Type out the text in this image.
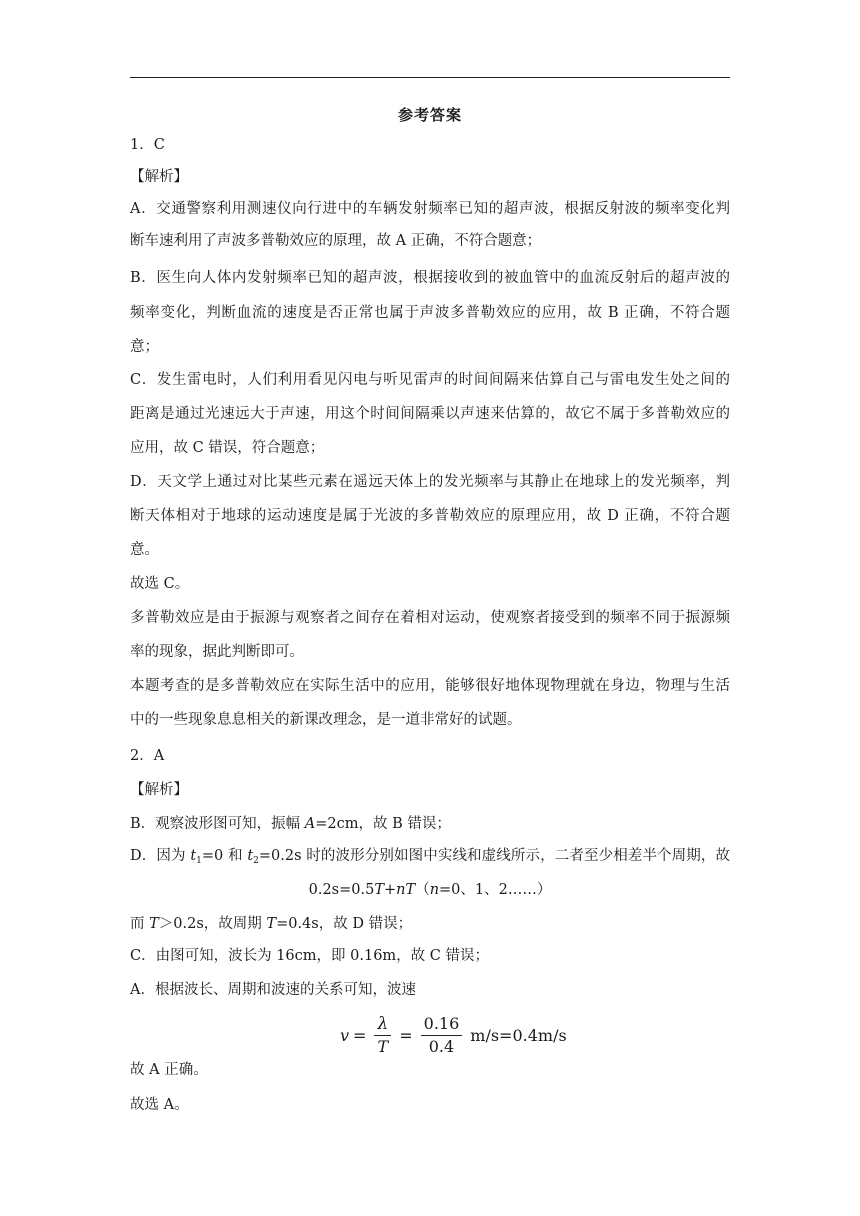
参考答案
1．C
【解析】
A．交通警察利用测速仪向行进中的车辆发射频率已知的超声波，根据反射波的频率变化判
断车速利用了声波多普勒效应的原理，故 A 正确，不符合题意；
B．医生向人体内发射频率已知的超声波，根据接收到的被血管中的血流反射后的超声波的
频率变化，判断血流的速度是否正常也属于声波多普勒效应的应用，故 B 正确，不符合题
意；
C．发生雷电时，人们利用看见闪电与听见雷声的时间间隔来估算自己与雷电发生处之间的
距离是通过光速远大于声速，用这个时间间隔乘以声速来估算的，故它不属于多普勒效应的
应用，故 C 错误，符合题意；
D．天文学上通过对比某些元素在遥远天体上的发光频率与其静止在地球上的发光频率，判
断天体相对于地球的运动速度是属于光波的多普勒效应的原理应用，故 D 正确，不符合题
意。
故选 C。
多普勒效应是由于振源与观察者之间存在着相对运动，使观察者接受到的频率不同于振源频
率的现象，据此判断即可。
本题考查的是多普勒效应在实际生活中的应用，能够很好地体现物理就在身边，物理与生活
中的一些现象息息相关的新课改理念，是一道非常好的试题。
2．A
【解析】
B．观察波形图可知，振幅 A=2cm，故 B 错误；
D．因为 $t_1=0$ 和 $t_2=0.2s$ 时的波形分别如图中实线和虚线所示，二者至少相差半个周期，故
0.2s=0.5T+nT（n=0、1、2……）
而 T＞0.2s，故周期 T=0.4s，故 D 错误；
C．由图可知，波长为 16cm，即 0.16m，故 C 错误；
A．根据波长、周期和波速的关系可知，波速
$v = \frac{\lambda}{T} = \frac{0.16}{0.4} m/s=0.4m/s$
故 A 正确。
故选 A。
